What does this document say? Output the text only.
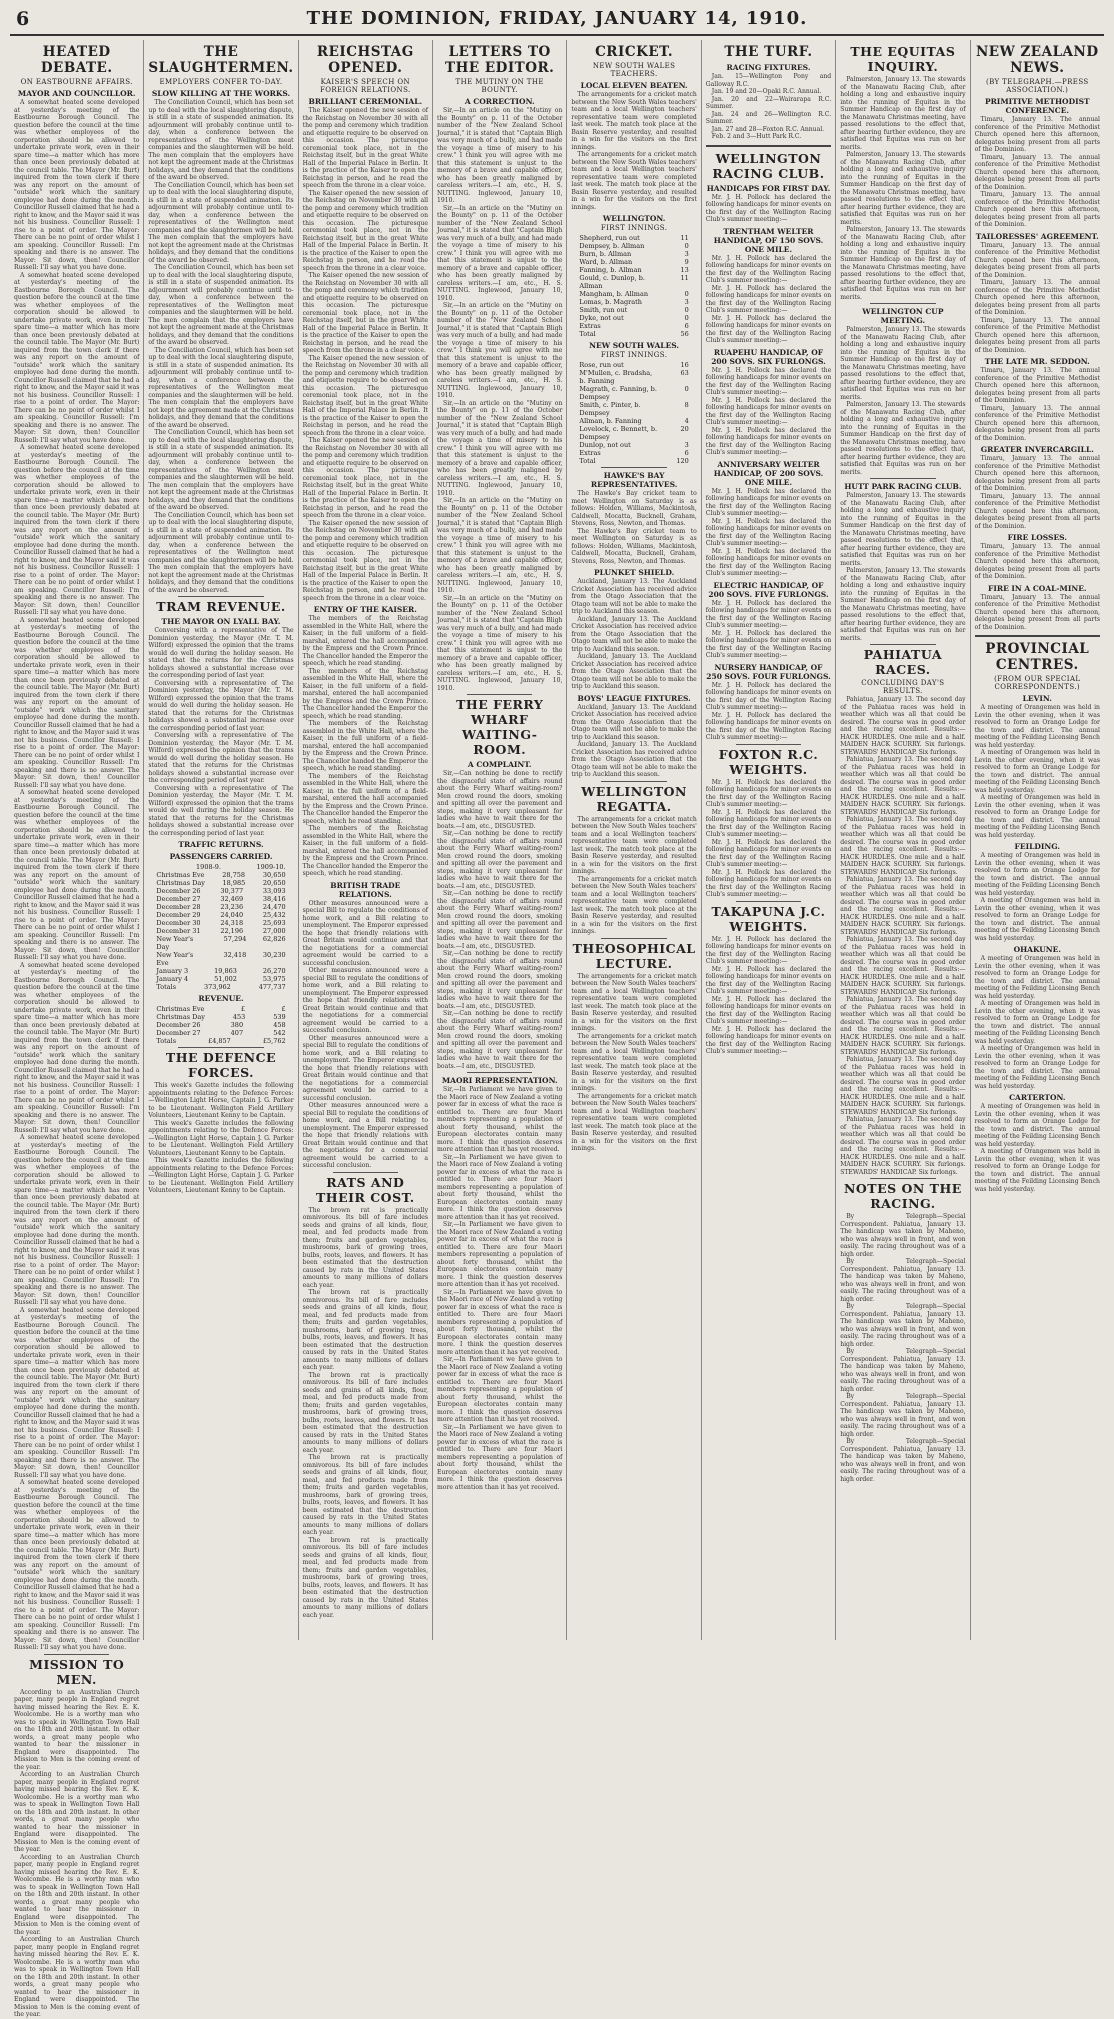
6	THE DOMINION, FRIDAY, JANUARY 14, 1910.
HEATED DEBATE.
ON EASTBOURNE AFFAIRS.
MAYOR AND COUNCILLOR.

A somewhat heated scene developed at yesterday's meeting of the Eastbourne Borough Council. The question before the council at the time was whether employees of the corporation should be allowed to undertake private work, even in their spare time—a matter which has more than once been previously debated at the council table. The Mayor (Mr. Burt) inquired from the town clerk if there was any report on the amount of "outside" work which the sanitary employee had done during the month. Councillor Russell claimed that he had a right to know, and the Mayor said it was not his business. Councillor Russell: I rise to a point of order. The Mayor: There can be no point of order whilst I am speaking. Councillor Russell: I'm speaking and there is no answer. The Mayor: Sit down, then! Councillor Russell: I'll say what you have done.

A somewhat heated scene developed at yesterday's meeting of the Eastbourne Borough Council. The question before the council at the time was whether employees of the corporation should be allowed to undertake private work, even in their spare time—a matter which has more than once been previously debated at the council table. The Mayor (Mr. Burt) inquired from the town clerk if there was any report on the amount of "outside" work which the sanitary employee had done during the month. Councillor Russell claimed that he had a right to know, and the Mayor said it was not his business. Councillor Russell: I rise to a point of order. The Mayor: There can be no point of order whilst I am speaking. Councillor Russell: I'm speaking and there is no answer. The Mayor: Sit down, then! Councillor Russell: I'll say what you have done.

A somewhat heated scene developed at yesterday's meeting of the Eastbourne Borough Council. The question before the council at the time was whether employees of the corporation should be allowed to undertake private work, even in their spare time—a matter which has more than once been previously debated at the council table. The Mayor (Mr. Burt) inquired from the town clerk if there was any report on the amount of "outside" work which the sanitary employee had done during the month. Councillor Russell claimed that he had a right to know, and the Mayor said it was not his business. Councillor Russell: I rise to a point of order. The Mayor: There can be no point of order whilst I am speaking. Councillor Russell: I'm speaking and there is no answer. The Mayor: Sit down, then! Councillor Russell: I'll say what you have done.

A somewhat heated scene developed at yesterday's meeting of the Eastbourne Borough Council. The question before the council at the time was whether employees of the corporation should be allowed to undertake private work, even in their spare time—a matter which has more than once been previously debated at the council table. The Mayor (Mr. Burt) inquired from the town clerk if there was any report on the amount of "outside" work which the sanitary employee had done during the month. Councillor Russell claimed that he had a right to know, and the Mayor said it was not his business. Councillor Russell: I rise to a point of order. The Mayor: There can be no point of order whilst I am speaking. Councillor Russell: I'm speaking and there is no answer. The Mayor: Sit down, then! Councillor Russell: I'll say what you have done.

A somewhat heated scene developed at yesterday's meeting of the Eastbourne Borough Council. The question before the council at the time was whether employees of the corporation should be allowed to undertake private work, even in their spare time—a matter which has more than once been previously debated at the council table. The Mayor (Mr. Burt) inquired from the town clerk if there was any report on the amount of "outside" work which the sanitary employee had done during the month. Councillor Russell claimed that he had a right to know, and the Mayor said it was not his business. Councillor Russell: I rise to a point of order. The Mayor: There can be no point of order whilst I am speaking. Councillor Russell: I'm speaking and there is no answer. The Mayor: Sit down, then! Councillor Russell: I'll say what you have done.

A somewhat heated scene developed at yesterday's meeting of the Eastbourne Borough Council. The question before the council at the time was whether employees of the corporation should be allowed to undertake private work, even in their spare time—a matter which has more than once been previously debated at the council table. The Mayor (Mr. Burt) inquired from the town clerk if there was any report on the amount of "outside" work which the sanitary employee had done during the month. Councillor Russell claimed that he had a right to know, and the Mayor said it was not his business. Councillor Russell: I rise to a point of order. The Mayor: There can be no point of order whilst I am speaking. Councillor Russell: I'm speaking and there is no answer. The Mayor: Sit down, then! Councillor Russell: I'll say what you have done.

A somewhat heated scene developed at yesterday's meeting of the Eastbourne Borough Council. The question before the council at the time was whether employees of the corporation should be allowed to undertake private work, even in their spare time—a matter which has more than once been previously debated at the council table. The Mayor (Mr. Burt) inquired from the town clerk if there was any report on the amount of "outside" work which the sanitary employee had done during the month. Councillor Russell claimed that he had a right to know, and the Mayor said it was not his business. Councillor Russell: I rise to a point of order. The Mayor: There can be no point of order whilst I am speaking. Councillor Russell: I'm speaking and there is no answer. The Mayor: Sit down, then! Councillor Russell: I'll say what you have done.

A somewhat heated scene developed at yesterday's meeting of the Eastbourne Borough Council. The question before the council at the time was whether employees of the corporation should be allowed to undertake private work, even in their spare time—a matter which has more than once been previously debated at the council table. The Mayor (Mr. Burt) inquired from the town clerk if there was any report on the amount of "outside" work which the sanitary employee had done during the month. Councillor Russell claimed that he had a right to know, and the Mayor said it was not his business. Councillor Russell: I rise to a point of order. The Mayor: There can be no point of order whilst I am speaking. Councillor Russell: I'm speaking and there is no answer. The Mayor: Sit down, then! Councillor Russell: I'll say what you have done.

A somewhat heated scene developed at yesterday's meeting of the Eastbourne Borough Council. The question before the council at the time was whether employees of the corporation should be allowed to undertake private work, even in their spare time—a matter which has more than once been previously debated at the council table. The Mayor (Mr. Burt) inquired from the town clerk if there was any report on the amount of "outside" work which the sanitary employee had done during the month. Councillor Russell claimed that he had a right to know, and the Mayor said it was not his business. Councillor Russell: I rise to a point of order. The Mayor: There can be no point of order whilst I am speaking. Councillor Russell: I'm speaking and there is no answer. The Mayor: Sit down, then! Councillor Russell: I'll say what you have done.

MISSION TO MEN.

According to an Australian Church paper, many people in England regret having missed hearing the Rev. E. K. Woolcombe. He is a worthy man who was to speak in Wellington Town Hall on the 18th and 20th instant. In other words, a great many people who wanted to hear the missioner in England were disappointed. The Mission to Men is the coming event of the year.

According to an Australian Church paper, many people in England regret having missed hearing the Rev. E. K. Woolcombe. He is a worthy man who was to speak in Wellington Town Hall on the 18th and 20th instant. In other words, a great many people who wanted to hear the missioner in England were disappointed. The Mission to Men is the coming event of the year.

According to an Australian Church paper, many people in England regret having missed hearing the Rev. E. K. Woolcombe. He is a worthy man who was to speak in Wellington Town Hall on the 18th and 20th instant. In other words, a great many people who wanted to hear the missioner in England were disappointed. The Mission to Men is the coming event of the year.

According to an Australian Church paper, many people in England regret having missed hearing the Rev. E. K. Woolcombe. He is a worthy man who was to speak in Wellington Town Hall on the 18th and 20th instant. In other words, a great many people who wanted to hear the missioner in England were disappointed. The Mission to Men is the coming event of the year.

THE SLAUGHTERMEN.
EMPLOYERS CONFER TO-DAY.
SLOW KILLING AT THE WORKS.

The Conciliation Council, which has been set up to deal with the local slaughtering dispute, is still in a state of suspended animation. Its adjournment will probably continue until to-day, when a conference between the representatives of the Wellington meat companies and the slaughtermen will be held. The men complain that the employers have not kept the agreement made at the Christmas holidays, and they demand that the conditions of the award be observed.

The Conciliation Council, which has been set up to deal with the local slaughtering dispute, is still in a state of suspended animation. Its adjournment will probably continue until to-day, when a conference between the representatives of the Wellington meat companies and the slaughtermen will be held. The men complain that the employers have not kept the agreement made at the Christmas holidays, and they demand that the conditions of the award be observed.

The Conciliation Council, which has been set up to deal with the local slaughtering dispute, is still in a state of suspended animation. Its adjournment will probably continue until to-day, when a conference between the representatives of the Wellington meat companies and the slaughtermen will be held. The men complain that the employers have not kept the agreement made at the Christmas holidays, and they demand that the conditions of the award be observed.

The Conciliation Council, which has been set up to deal with the local slaughtering dispute, is still in a state of suspended animation. Its adjournment will probably continue until to-day, when a conference between the representatives of the Wellington meat companies and the slaughtermen will be held. The men complain that the employers have not kept the agreement made at the Christmas holidays, and they demand that the conditions of the award be observed.

The Conciliation Council, which has been set up to deal with the local slaughtering dispute, is still in a state of suspended animation. Its adjournment will probably continue until to-day, when a conference between the representatives of the Wellington meat companies and the slaughtermen will be held. The men complain that the employers have not kept the agreement made at the Christmas holidays, and they demand that the conditions of the award be observed.

The Conciliation Council, which has been set up to deal with the local slaughtering dispute, is still in a state of suspended animation. Its adjournment will probably continue until to-day, when a conference between the representatives of the Wellington meat companies and the slaughtermen will be held. The men complain that the employers have not kept the agreement made at the Christmas holidays, and they demand that the conditions of the award be observed.

TRAM REVENUE.
THE MAYOR ON LYALL BAY.

Conversing with a representative of The Dominion yesterday, the Mayor (Mr. T. M. Wilford) expressed the opinion that the trams would do well during the holiday season. He stated that the returns for the Christmas holidays showed a substantial increase over the corresponding period of last year.

Conversing with a representative of The Dominion yesterday, the Mayor (Mr. T. M. Wilford) expressed the opinion that the trams would do well during the holiday season. He stated that the returns for the Christmas holidays showed a substantial increase over the corresponding period of last year.

Conversing with a representative of The Dominion yesterday, the Mayor (Mr. T. M. Wilford) expressed the opinion that the trams would do well during the holiday season. He stated that the returns for the Christmas holidays showed a substantial increase over the corresponding period of last year.

Conversing with a representative of The Dominion yesterday, the Mayor (Mr. T. M. Wilford) expressed the opinion that the trams would do well during the holiday season. He stated that the returns for the Christmas holidays showed a substantial increase over the corresponding period of last year.

TRAFFIC RETURNS.
PASSENGERS CARRIED.
1908-9.	1909-10.
Christmas Eve	28,758	30,650
Christmas Day	18,985	20,650
December 26	30,377	33,093
December 27	32,469	38,416
December 28	23,236	24,470
December 29	24,040	25,432
December 30	24,318	25,693
December 31	22,196	27,000
New Year's Day
57,294	62,826
New Year's Eve
32,418	30,230
January 3	19,863	26,270
January 4	51,002	53,975
Totals	373,962	477,737
REVENUE.
Christmas Eve	£	£
Christmas Day	453	539
December 26	380	458
December 27	407	542
Totals	£4,857	£5,762
THE DEFENCE FORCES.

This week's Gazette includes the following appointments relating to the Defence Forces:—Wellington Light Horse, Captain J. G. Parker to be Lieutenant. Wellington Field Artillery Volunteers, Lieutenant Kenny to be Captain.

This week's Gazette includes the following appointments relating to the Defence Forces:—Wellington Light Horse, Captain J. G. Parker to be Lieutenant. Wellington Field Artillery Volunteers, Lieutenant Kenny to be Captain.

This week's Gazette includes the following appointments relating to the Defence Forces:—Wellington Light Horse, Captain J. G. Parker to be Lieutenant. Wellington Field Artillery Volunteers, Lieutenant Kenny to be Captain.

REICHSTAG OPENED.
KAISER'S SPEECH ON FOREIGN RELATIONS.
BRILLIANT CEREMONIAL.

The Kaiser opened the new session of the Reichstag on November 30 with all the pomp and ceremony which tradition and etiquette require to be observed on this occasion. The picturesque ceremonial took place, not in the Reichstag itself, but in the great White Hall of the Imperial Palace in Berlin. It is the practice of the Kaiser to open the Reichstag in person, and he read the speech from the throne in a clear voice.

The Kaiser opened the new session of the Reichstag on November 30 with all the pomp and ceremony which tradition and etiquette require to be observed on this occasion. The picturesque ceremonial took place, not in the Reichstag itself, but in the great White Hall of the Imperial Palace in Berlin. It is the practice of the Kaiser to open the Reichstag in person, and he read the speech from the throne in a clear voice.

The Kaiser opened the new session of the Reichstag on November 30 with all the pomp and ceremony which tradition and etiquette require to be observed on this occasion. The picturesque ceremonial took place, not in the Reichstag itself, but in the great White Hall of the Imperial Palace in Berlin. It is the practice of the Kaiser to open the Reichstag in person, and he read the speech from the throne in a clear voice.

The Kaiser opened the new session of the Reichstag on November 30 with all the pomp and ceremony which tradition and etiquette require to be observed on this occasion. The picturesque ceremonial took place, not in the Reichstag itself, but in the great White Hall of the Imperial Palace in Berlin. It is the practice of the Kaiser to open the Reichstag in person, and he read the speech from the throne in a clear voice.

The Kaiser opened the new session of the Reichstag on November 30 with all the pomp and ceremony which tradition and etiquette require to be observed on this occasion. The picturesque ceremonial took place, not in the Reichstag itself, but in the great White Hall of the Imperial Palace in Berlin. It is the practice of the Kaiser to open the Reichstag in person, and he read the speech from the throne in a clear voice.

The Kaiser opened the new session of the Reichstag on November 30 with all the pomp and ceremony which tradition and etiquette require to be observed on this occasion. The picturesque ceremonial took place, not in the Reichstag itself, but in the great White Hall of the Imperial Palace in Berlin. It is the practice of the Kaiser to open the Reichstag in person, and he read the speech from the throne in a clear voice.

ENTRY OF THE KAISER.

The members of the Reichstag assembled in the White Hall, where the Kaiser, in the full uniform of a field-marshal, entered the hall accompanied by the Empress and the Crown Prince. The Chancellor handed the Emperor the speech, which he read standing.

The members of the Reichstag assembled in the White Hall, where the Kaiser, in the full uniform of a field-marshal, entered the hall accompanied by the Empress and the Crown Prince. The Chancellor handed the Emperor the speech, which he read standing.

The members of the Reichstag assembled in the White Hall, where the Kaiser, in the full uniform of a field-marshal, entered the hall accompanied by the Empress and the Crown Prince. The Chancellor handed the Emperor the speech, which he read standing.

The members of the Reichstag assembled in the White Hall, where the Kaiser, in the full uniform of a field-marshal, entered the hall accompanied by the Empress and the Crown Prince. The Chancellor handed the Emperor the speech, which he read standing.

The members of the Reichstag assembled in the White Hall, where the Kaiser, in the full uniform of a field-marshal, entered the hall accompanied by the Empress and the Crown Prince. The Chancellor handed the Emperor the speech, which he read standing.

BRITISH TRADE RELATIONS.

Other measures announced were a special Bill to regulate the conditions of home work, and a Bill relating to unemployment. The Emperor expressed the hope that friendly relations with Great Britain would continue and that the negotiations for a commercial agreement would be carried to a successful conclusion.

Other measures announced were a special Bill to regulate the conditions of home work, and a Bill relating to unemployment. The Emperor expressed the hope that friendly relations with Great Britain would continue and that the negotiations for a commercial agreement would be carried to a successful conclusion.

Other measures announced were a special Bill to regulate the conditions of home work, and a Bill relating to unemployment. The Emperor expressed the hope that friendly relations with Great Britain would continue and that the negotiations for a commercial agreement would be carried to a successful conclusion.

Other measures announced were a special Bill to regulate the conditions of home work, and a Bill relating to unemployment. The Emperor expressed the hope that friendly relations with Great Britain would continue and that the negotiations for a commercial agreement would be carried to a successful conclusion.

RATS AND THEIR COST.

The brown rat is practically omnivorous. Its bill of fare includes seeds and grains of all kinds, flour, meal, and fed products made from them; fruits and garden vegetables, mushrooms, bark of growing trees, bulbs, roots, leaves, and flowers. It has been estimated that the destruction caused by rats in the United States amounts to many millions of dollars each year.

The brown rat is practically omnivorous. Its bill of fare includes seeds and grains of all kinds, flour, meal, and fed products made from them; fruits and garden vegetables, mushrooms, bark of growing trees, bulbs, roots, leaves, and flowers. It has been estimated that the destruction caused by rats in the United States amounts to many millions of dollars each year.

The brown rat is practically omnivorous. Its bill of fare includes seeds and grains of all kinds, flour, meal, and fed products made from them; fruits and garden vegetables, mushrooms, bark of growing trees, bulbs, roots, leaves, and flowers. It has been estimated that the destruction caused by rats in the United States amounts to many millions of dollars each year.

The brown rat is practically omnivorous. Its bill of fare includes seeds and grains of all kinds, flour, meal, and fed products made from them; fruits and garden vegetables, mushrooms, bark of growing trees, bulbs, roots, leaves, and flowers. It has been estimated that the destruction caused by rats in the United States amounts to many millions of dollars each year.

The brown rat is practically omnivorous. Its bill of fare includes seeds and grains of all kinds, flour, meal, and fed products made from them; fruits and garden vegetables, mushrooms, bark of growing trees, bulbs, roots, leaves, and flowers. It has been estimated that the destruction caused by rats in the United States amounts to many millions of dollars each year.

LETTERS TO THE EDITOR.
THE MUTINY ON THE BOUNTY.
A CORRECTION.

Sir,—In an article on the "Mutiny on the Bounty" on p. 11 of the October number of the "New Zealand School Journal," it is stated that "Captain Bligh was very much of a bully, and had made the voyage a time of misery to his crew." I think you will agree with me that this statement is unjust to the memory of a brave and capable officer, who has been greatly maligned by careless writers.—I am, etc., H. S. NUTTING. Inglewood, January 10, 1910.

Sir,—In an article on the "Mutiny on the Bounty" on p. 11 of the October number of the "New Zealand School Journal," it is stated that "Captain Bligh was very much of a bully, and had made the voyage a time of misery to his crew." I think you will agree with me that this statement is unjust to the memory of a brave and capable officer, who has been greatly maligned by careless writers.—I am, etc., H. S. NUTTING. Inglewood, January 10, 1910.

Sir,—In an article on the "Mutiny on the Bounty" on p. 11 of the October number of the "New Zealand School Journal," it is stated that "Captain Bligh was very much of a bully, and had made the voyage a time of misery to his crew." I think you will agree with me that this statement is unjust to the memory of a brave and capable officer, who has been greatly maligned by careless writers.—I am, etc., H. S. NUTTING. Inglewood, January 10, 1910.

Sir,—In an article on the "Mutiny on the Bounty" on p. 11 of the October number of the "New Zealand School Journal," it is stated that "Captain Bligh was very much of a bully, and had made the voyage a time of misery to his crew." I think you will agree with me that this statement is unjust to the memory of a brave and capable officer, who has been greatly maligned by careless writers.—I am, etc., H. S. NUTTING. Inglewood, January 10, 1910.

Sir,—In an article on the "Mutiny on the Bounty" on p. 11 of the October number of the "New Zealand School Journal," it is stated that "Captain Bligh was very much of a bully, and had made the voyage a time of misery to his crew." I think you will agree with me that this statement is unjust to the memory of a brave and capable officer, who has been greatly maligned by careless writers.—I am, etc., H. S. NUTTING. Inglewood, January 10, 1910.

Sir,—In an article on the "Mutiny on the Bounty" on p. 11 of the October number of the "New Zealand School Journal," it is stated that "Captain Bligh was very much of a bully, and had made the voyage a time of misery to his crew." I think you will agree with me that this statement is unjust to the memory of a brave and capable officer, who has been greatly maligned by careless writers.—I am, etc., H. S. NUTTING. Inglewood, January 10, 1910.

THE FERRY WHARF WAITING-ROOM.
A COMPLAINT.

Sir,—Can nothing be done to rectify the disgraceful state of affairs round about the Ferry Wharf waiting-room? Men crowd round the doors, smoking and spitting all over the pavement and steps, making it very unpleasant for ladies who have to wait there for the boats.—I am, etc., DISGUSTED.

Sir,—Can nothing be done to rectify the disgraceful state of affairs round about the Ferry Wharf waiting-room? Men crowd round the doors, smoking and spitting all over the pavement and steps, making it very unpleasant for ladies who have to wait there for the boats.—I am, etc., DISGUSTED.

Sir,—Can nothing be done to rectify the disgraceful state of affairs round about the Ferry Wharf waiting-room? Men crowd round the doors, smoking and spitting all over the pavement and steps, making it very unpleasant for ladies who have to wait there for the boats.—I am, etc., DISGUSTED.

Sir,—Can nothing be done to rectify the disgraceful state of affairs round about the Ferry Wharf waiting-room? Men crowd round the doors, smoking and spitting all over the pavement and steps, making it very unpleasant for ladies who have to wait there for the boats.—I am, etc., DISGUSTED.

Sir,—Can nothing be done to rectify the disgraceful state of affairs round about the Ferry Wharf waiting-room? Men crowd round the doors, smoking and spitting all over the pavement and steps, making it very unpleasant for ladies who have to wait there for the boats.—I am, etc., DISGUSTED.

MAORI REPRESENTATION.

Sir,—In Parliament we have given to the Maori race of New Zealand a voting power far in excess of what the race is entitled to. There are four Maori members representing a population of about forty thousand, whilst the European electorates contain many more. I think the question deserves more attention than it has yet received.

Sir,—In Parliament we have given to the Maori race of New Zealand a voting power far in excess of what the race is entitled to. There are four Maori members representing a population of about forty thousand, whilst the European electorates contain many more. I think the question deserves more attention than it has yet received.

Sir,—In Parliament we have given to the Maori race of New Zealand a voting power far in excess of what the race is entitled to. There are four Maori members representing a population of about forty thousand, whilst the European electorates contain many more. I think the question deserves more attention than it has yet received.

Sir,—In Parliament we have given to the Maori race of New Zealand a voting power far in excess of what the race is entitled to. There are four Maori members representing a population of about forty thousand, whilst the European electorates contain many more. I think the question deserves more attention than it has yet received.

Sir,—In Parliament we have given to the Maori race of New Zealand a voting power far in excess of what the race is entitled to. There are four Maori members representing a population of about forty thousand, whilst the European electorates contain many more. I think the question deserves more attention than it has yet received.

Sir,—In Parliament we have given to the Maori race of New Zealand a voting power far in excess of what the race is entitled to. There are four Maori members representing a population of about forty thousand, whilst the European electorates contain many more. I think the question deserves more attention than it has yet received.

CRICKET.
NEW SOUTH WALES TEACHERS.
LOCAL ELEVEN BEATEN.

The arrangements for a cricket match between the New South Wales teachers' team and a local Wellington teachers' representative team were completed last week. The match took place at the Basin Reserve yesterday, and resulted in a win for the visitors on the first innings.

The arrangements for a cricket match between the New South Wales teachers' team and a local Wellington teachers' representative team were completed last week. The match took place at the Basin Reserve yesterday, and resulted in a win for the visitors on the first innings.

WELLINGTON.
FIRST INNINGS.
Shepherd, run out	11
Dempsey, b. Allman	0
Burn, b. Allman	3
Ward, b. Allman	9
Fanning, b. Allman	13
Gould, c. Dunlop, b. Allman
11
Mangham, b. Allman	0
Lomas, b. Magrath	3
Smith, run out	0
Dyke, not out	0
Extras	6
Total	56
NEW SOUTH WALES.
FIRST INNINGS.
Rose, run out	16
M'Mullen, c. Bradsha, b. Fanning
63
Magrath, c. Fanning, b. Dempsey
0
Smith, c. Pinter, b. Dempsey
8
Allman, b. Fanning	4
Lovelock, c. Bennett, b. Dempsey
20
Dunlop, not out	3
Extras	6
Total	120
HAWKE'S BAY REPRESENTATIVES.

The Hawke's Bay cricket team to meet Wellington on Saturday is as follows: Holden, Williams, Mackintosh, Caldwell, Mocatta, Bucknell, Graham, Stevens, Ross, Newton, and Thomas.

The Hawke's Bay cricket team to meet Wellington on Saturday is as follows: Holden, Williams, Mackintosh, Caldwell, Mocatta, Bucknell, Graham, Stevens, Ross, Newton, and Thomas.

PLUNKET SHIELD.

Auckland, January 13. The Auckland Cricket Association has received advice from the Otago Association that the Otago team will not be able to make the trip to Auckland this season.

Auckland, January 13. The Auckland Cricket Association has received advice from the Otago Association that the Otago team will not be able to make the trip to Auckland this season.

Auckland, January 13. The Auckland Cricket Association has received advice from the Otago Association that the Otago team will not be able to make the trip to Auckland this season.

BOYS' LEAGUE FIXTURES.

Auckland, January 13. The Auckland Cricket Association has received advice from the Otago Association that the Otago team will not be able to make the trip to Auckland this season.

Auckland, January 13. The Auckland Cricket Association has received advice from the Otago Association that the Otago team will not be able to make the trip to Auckland this season.

WELLINGTON REGATTA.

The arrangements for a cricket match between the New South Wales teachers' team and a local Wellington teachers' representative team were completed last week. The match took place at the Basin Reserve yesterday, and resulted in a win for the visitors on the first innings.

The arrangements for a cricket match between the New South Wales teachers' team and a local Wellington teachers' representative team were completed last week. The match took place at the Basin Reserve yesterday, and resulted in a win for the visitors on the first innings.

THEOSOPHICAL LECTURE.

The arrangements for a cricket match between the New South Wales teachers' team and a local Wellington teachers' representative team were completed last week. The match took place at the Basin Reserve yesterday, and resulted in a win for the visitors on the first innings.

The arrangements for a cricket match between the New South Wales teachers' team and a local Wellington teachers' representative team were completed last week. The match took place at the Basin Reserve yesterday, and resulted in a win for the visitors on the first innings.

The arrangements for a cricket match between the New South Wales teachers' team and a local Wellington teachers' representative team were completed last week. The match took place at the Basin Reserve yesterday, and resulted in a win for the visitors on the first innings.

THE TURF.
RACING FIXTURES.

Jan. 15—Wellington Pony and Galloway R.C.

Jan. 19 and 20—Opaki R.C. Annual.

Jan. 20 and 22—Wairarapa R.C. Summer.

Jan. 24 and 26—Wellington R.C. Summer.

Jan. 27 and 28—Foxton R.C. Annual.

Feb. 2 and 3—Hutt Park R.C.

WELLINGTON RACING CLUB.
HANDICAPS FOR FIRST DAY.

Mr. J. H. Pollock has declared the following handicaps for minor events on the first day of the Wellington Racing Club's summer meeting:—

TRENTHAM WELTER HANDICAP, OF 150 SOVS. ONE MILE.

Mr. J. H. Pollock has declared the following handicaps for minor events on the first day of the Wellington Racing Club's summer meeting:—

Mr. J. H. Pollock has declared the following handicaps for minor events on the first day of the Wellington Racing Club's summer meeting:—

Mr. J. H. Pollock has declared the following handicaps for minor events on the first day of the Wellington Racing Club's summer meeting:—

RUAPEHU HANDICAP, OF 200 SOVS. SIX FURLONGS.

Mr. J. H. Pollock has declared the following handicaps for minor events on the first day of the Wellington Racing Club's summer meeting:—

Mr. J. H. Pollock has declared the following handicaps for minor events on the first day of the Wellington Racing Club's summer meeting:—

Mr. J. H. Pollock has declared the following handicaps for minor events on the first day of the Wellington Racing Club's summer meeting:—

ANNIVERSARY WELTER HANDICAP, OF 200 SOVS. ONE MILE.

Mr. J. H. Pollock has declared the following handicaps for minor events on the first day of the Wellington Racing Club's summer meeting:—

Mr. J. H. Pollock has declared the following handicaps for minor events on the first day of the Wellington Racing Club's summer meeting:—

Mr. J. H. Pollock has declared the following handicaps for minor events on the first day of the Wellington Racing Club's summer meeting:—

ELECTRIC HANDICAP, OF 200 SOVS. FIVE FURLONGS.

Mr. J. H. Pollock has declared the following handicaps for minor events on the first day of the Wellington Racing Club's summer meeting:—

Mr. J. H. Pollock has declared the following handicaps for minor events on the first day of the Wellington Racing Club's summer meeting:—

NURSERY HANDICAP, OF 250 SOVS. FOUR FURLONGS.

Mr. J. H. Pollock has declared the following handicaps for minor events on the first day of the Wellington Racing Club's summer meeting:—

Mr. J. H. Pollock has declared the following handicaps for minor events on the first day of the Wellington Racing Club's summer meeting:—

FOXTON R.C. WEIGHTS.

Mr. J. H. Pollock has declared the following handicaps for minor events on the first day of the Wellington Racing Club's summer meeting:—

Mr. J. H. Pollock has declared the following handicaps for minor events on the first day of the Wellington Racing Club's summer meeting:—

Mr. J. H. Pollock has declared the following handicaps for minor events on the first day of the Wellington Racing Club's summer meeting:—

Mr. J. H. Pollock has declared the following handicaps for minor events on the first day of the Wellington Racing Club's summer meeting:—

TAKAPUNA J.C. WEIGHTS.

Mr. J. H. Pollock has declared the following handicaps for minor events on the first day of the Wellington Racing Club's summer meeting:—

Mr. J. H. Pollock has declared the following handicaps for minor events on the first day of the Wellington Racing Club's summer meeting:—

Mr. J. H. Pollock has declared the following handicaps for minor events on the first day of the Wellington Racing Club's summer meeting:—

Mr. J. H. Pollock has declared the following handicaps for minor events on the first day of the Wellington Racing Club's summer meeting:—

THE EQUITAS INQUIRY.

Palmerston, January 13. The stewards of the Manawatu Racing Club, after holding a long and exhaustive inquiry into the running of Equitas in the Summer Handicap on the first day of the Manawatu Christmas meeting, have passed resolutions to the effect that, after hearing further evidence, they are satisfied that Equitas was run on her merits.

Palmerston, January 13. The stewards of the Manawatu Racing Club, after holding a long and exhaustive inquiry into the running of Equitas in the Summer Handicap on the first day of the Manawatu Christmas meeting, have passed resolutions to the effect that, after hearing further evidence, they are satisfied that Equitas was run on her merits.

Palmerston, January 13. The stewards of the Manawatu Racing Club, after holding a long and exhaustive inquiry into the running of Equitas in the Summer Handicap on the first day of the Manawatu Christmas meeting, have passed resolutions to the effect that, after hearing further evidence, they are satisfied that Equitas was run on her merits.

WELLINGTON CUP MEETING.

Palmerston, January 13. The stewards of the Manawatu Racing Club, after holding a long and exhaustive inquiry into the running of Equitas in the Summer Handicap on the first day of the Manawatu Christmas meeting, have passed resolutions to the effect that, after hearing further evidence, they are satisfied that Equitas was run on her merits.

Palmerston, January 13. The stewards of the Manawatu Racing Club, after holding a long and exhaustive inquiry into the running of Equitas in the Summer Handicap on the first day of the Manawatu Christmas meeting, have passed resolutions to the effect that, after hearing further evidence, they are satisfied that Equitas was run on her merits.

HUTT PARK RACING CLUB.

Palmerston, January 13. The stewards of the Manawatu Racing Club, after holding a long and exhaustive inquiry into the running of Equitas in the Summer Handicap on the first day of the Manawatu Christmas meeting, have passed resolutions to the effect that, after hearing further evidence, they are satisfied that Equitas was run on her merits.

Palmerston, January 13. The stewards of the Manawatu Racing Club, after holding a long and exhaustive inquiry into the running of Equitas in the Summer Handicap on the first day of the Manawatu Christmas meeting, have passed resolutions to the effect that, after hearing further evidence, they are satisfied that Equitas was run on her merits.

PAHIATUA RACES.
CONCLUDING DAY'S RESULTS.

Pahiatua, January 13. The second day of the Pahiatua races was held in weather which was all that could be desired. The course was in good order and the racing excellent. Results:—HACK HURDLES. One mile and a half. MAIDEN HACK SCURRY. Six furlongs. STEWARDS' HANDICAP. Six furlongs.

Pahiatua, January 13. The second day of the Pahiatua races was held in weather which was all that could be desired. The course was in good order and the racing excellent. Results:—HACK HURDLES. One mile and a half. MAIDEN HACK SCURRY. Six furlongs. STEWARDS' HANDICAP. Six furlongs.

Pahiatua, January 13. The second day of the Pahiatua races was held in weather which was all that could be desired. The course was in good order and the racing excellent. Results:—HACK HURDLES. One mile and a half. MAIDEN HACK SCURRY. Six furlongs. STEWARDS' HANDICAP. Six furlongs.

Pahiatua, January 13. The second day of the Pahiatua races was held in weather which was all that could be desired. The course was in good order and the racing excellent. Results:—HACK HURDLES. One mile and a half. MAIDEN HACK SCURRY. Six furlongs. STEWARDS' HANDICAP. Six furlongs.

Pahiatua, January 13. The second day of the Pahiatua races was held in weather which was all that could be desired. The course was in good order and the racing excellent. Results:—HACK HURDLES. One mile and a half. MAIDEN HACK SCURRY. Six furlongs. STEWARDS' HANDICAP. Six furlongs.

Pahiatua, January 13. The second day of the Pahiatua races was held in weather which was all that could be desired. The course was in good order and the racing excellent. Results:—HACK HURDLES. One mile and a half. MAIDEN HACK SCURRY. Six furlongs. STEWARDS' HANDICAP. Six furlongs.

Pahiatua, January 13. The second day of the Pahiatua races was held in weather which was all that could be desired. The course was in good order and the racing excellent. Results:—HACK HURDLES. One mile and a half. MAIDEN HACK SCURRY. Six furlongs. STEWARDS' HANDICAP. Six furlongs.

Pahiatua, January 13. The second day of the Pahiatua races was held in weather which was all that could be desired. The course was in good order and the racing excellent. Results:—HACK HURDLES. One mile and a half. MAIDEN HACK SCURRY. Six furlongs. STEWARDS' HANDICAP. Six furlongs.

NOTES ON THE RACING.

By Telegraph—Special Correspondent. Pahiatua, January 13. The handicap was taken by Maheno, who was always well in front, and won easily. The racing throughout was of a high order.

By Telegraph—Special Correspondent. Pahiatua, January 13. The handicap was taken by Maheno, who was always well in front, and won easily. The racing throughout was of a high order.

By Telegraph—Special Correspondent. Pahiatua, January 13. The handicap was taken by Maheno, who was always well in front, and won easily. The racing throughout was of a high order.

By Telegraph—Special Correspondent. Pahiatua, January 13. The handicap was taken by Maheno, who was always well in front, and won easily. The racing throughout was of a high order.

By Telegraph—Special Correspondent. Pahiatua, January 13. The handicap was taken by Maheno, who was always well in front, and won easily. The racing throughout was of a high order.

By Telegraph—Special Correspondent. Pahiatua, January 13. The handicap was taken by Maheno, who was always well in front, and won easily. The racing throughout was of a high order.

NEW ZEALAND NEWS.
(BY TELEGRAPH.—PRESS ASSOCIATION.)
PRIMITIVE METHODIST CONFERENCE.

Timaru, January 13. The annual conference of the Primitive Methodist Church opened here this afternoon, delegates being present from all parts of the Dominion.

Timaru, January 13. The annual conference of the Primitive Methodist Church opened here this afternoon, delegates being present from all parts of the Dominion.

Timaru, January 13. The annual conference of the Primitive Methodist Church opened here this afternoon, delegates being present from all parts of the Dominion.

TAILORESSES' AGREEMENT.

Timaru, January 13. The annual conference of the Primitive Methodist Church opened here this afternoon, delegates being present from all parts of the Dominion.

Timaru, January 13. The annual conference of the Primitive Methodist Church opened here this afternoon, delegates being present from all parts of the Dominion.

Timaru, January 13. The annual conference of the Primitive Methodist Church opened here this afternoon, delegates being present from all parts of the Dominion.

THE LATE MR. SEDDON.

Timaru, January 13. The annual conference of the Primitive Methodist Church opened here this afternoon, delegates being present from all parts of the Dominion.

Timaru, January 13. The annual conference of the Primitive Methodist Church opened here this afternoon, delegates being present from all parts of the Dominion.

GREATER INVERCARGILL.

Timaru, January 13. The annual conference of the Primitive Methodist Church opened here this afternoon, delegates being present from all parts of the Dominion.

Timaru, January 13. The annual conference of the Primitive Methodist Church opened here this afternoon, delegates being present from all parts of the Dominion.

FIRE LOSSES.

Timaru, January 13. The annual conference of the Primitive Methodist Church opened here this afternoon, delegates being present from all parts of the Dominion.

FIRE IN A COAL-MINE.

Timaru, January 13. The annual conference of the Primitive Methodist Church opened here this afternoon, delegates being present from all parts of the Dominion.

PROVINCIAL CENTRES.
(FROM OUR SPECIAL CORRESPONDENTS.)
LEVIN.

A meeting of Orangemen was held in Levin the other evening, when it was resolved to form an Orange Lodge for the town and district. The annual meeting of the Feilding Licensing Bench was held yesterday.

A meeting of Orangemen was held in Levin the other evening, when it was resolved to form an Orange Lodge for the town and district. The annual meeting of the Feilding Licensing Bench was held yesterday.

A meeting of Orangemen was held in Levin the other evening, when it was resolved to form an Orange Lodge for the town and district. The annual meeting of the Feilding Licensing Bench was held yesterday.

FEILDING.

A meeting of Orangemen was held in Levin the other evening, when it was resolved to form an Orange Lodge for the town and district. The annual meeting of the Feilding Licensing Bench was held yesterday.

A meeting of Orangemen was held in Levin the other evening, when it was resolved to form an Orange Lodge for the town and district. The annual meeting of the Feilding Licensing Bench was held yesterday.

OHAKUNE.

A meeting of Orangemen was held in Levin the other evening, when it was resolved to form an Orange Lodge for the town and district. The annual meeting of the Feilding Licensing Bench was held yesterday.

A meeting of Orangemen was held in Levin the other evening, when it was resolved to form an Orange Lodge for the town and district. The annual meeting of the Feilding Licensing Bench was held yesterday.

A meeting of Orangemen was held in Levin the other evening, when it was resolved to form an Orange Lodge for the town and district. The annual meeting of the Feilding Licensing Bench was held yesterday.

CARTERTON.

A meeting of Orangemen was held in Levin the other evening, when it was resolved to form an Orange Lodge for the town and district. The annual meeting of the Feilding Licensing Bench was held yesterday.

A meeting of Orangemen was held in Levin the other evening, when it was resolved to form an Orange Lodge for the town and district. The annual meeting of the Feilding Licensing Bench was held yesterday.
